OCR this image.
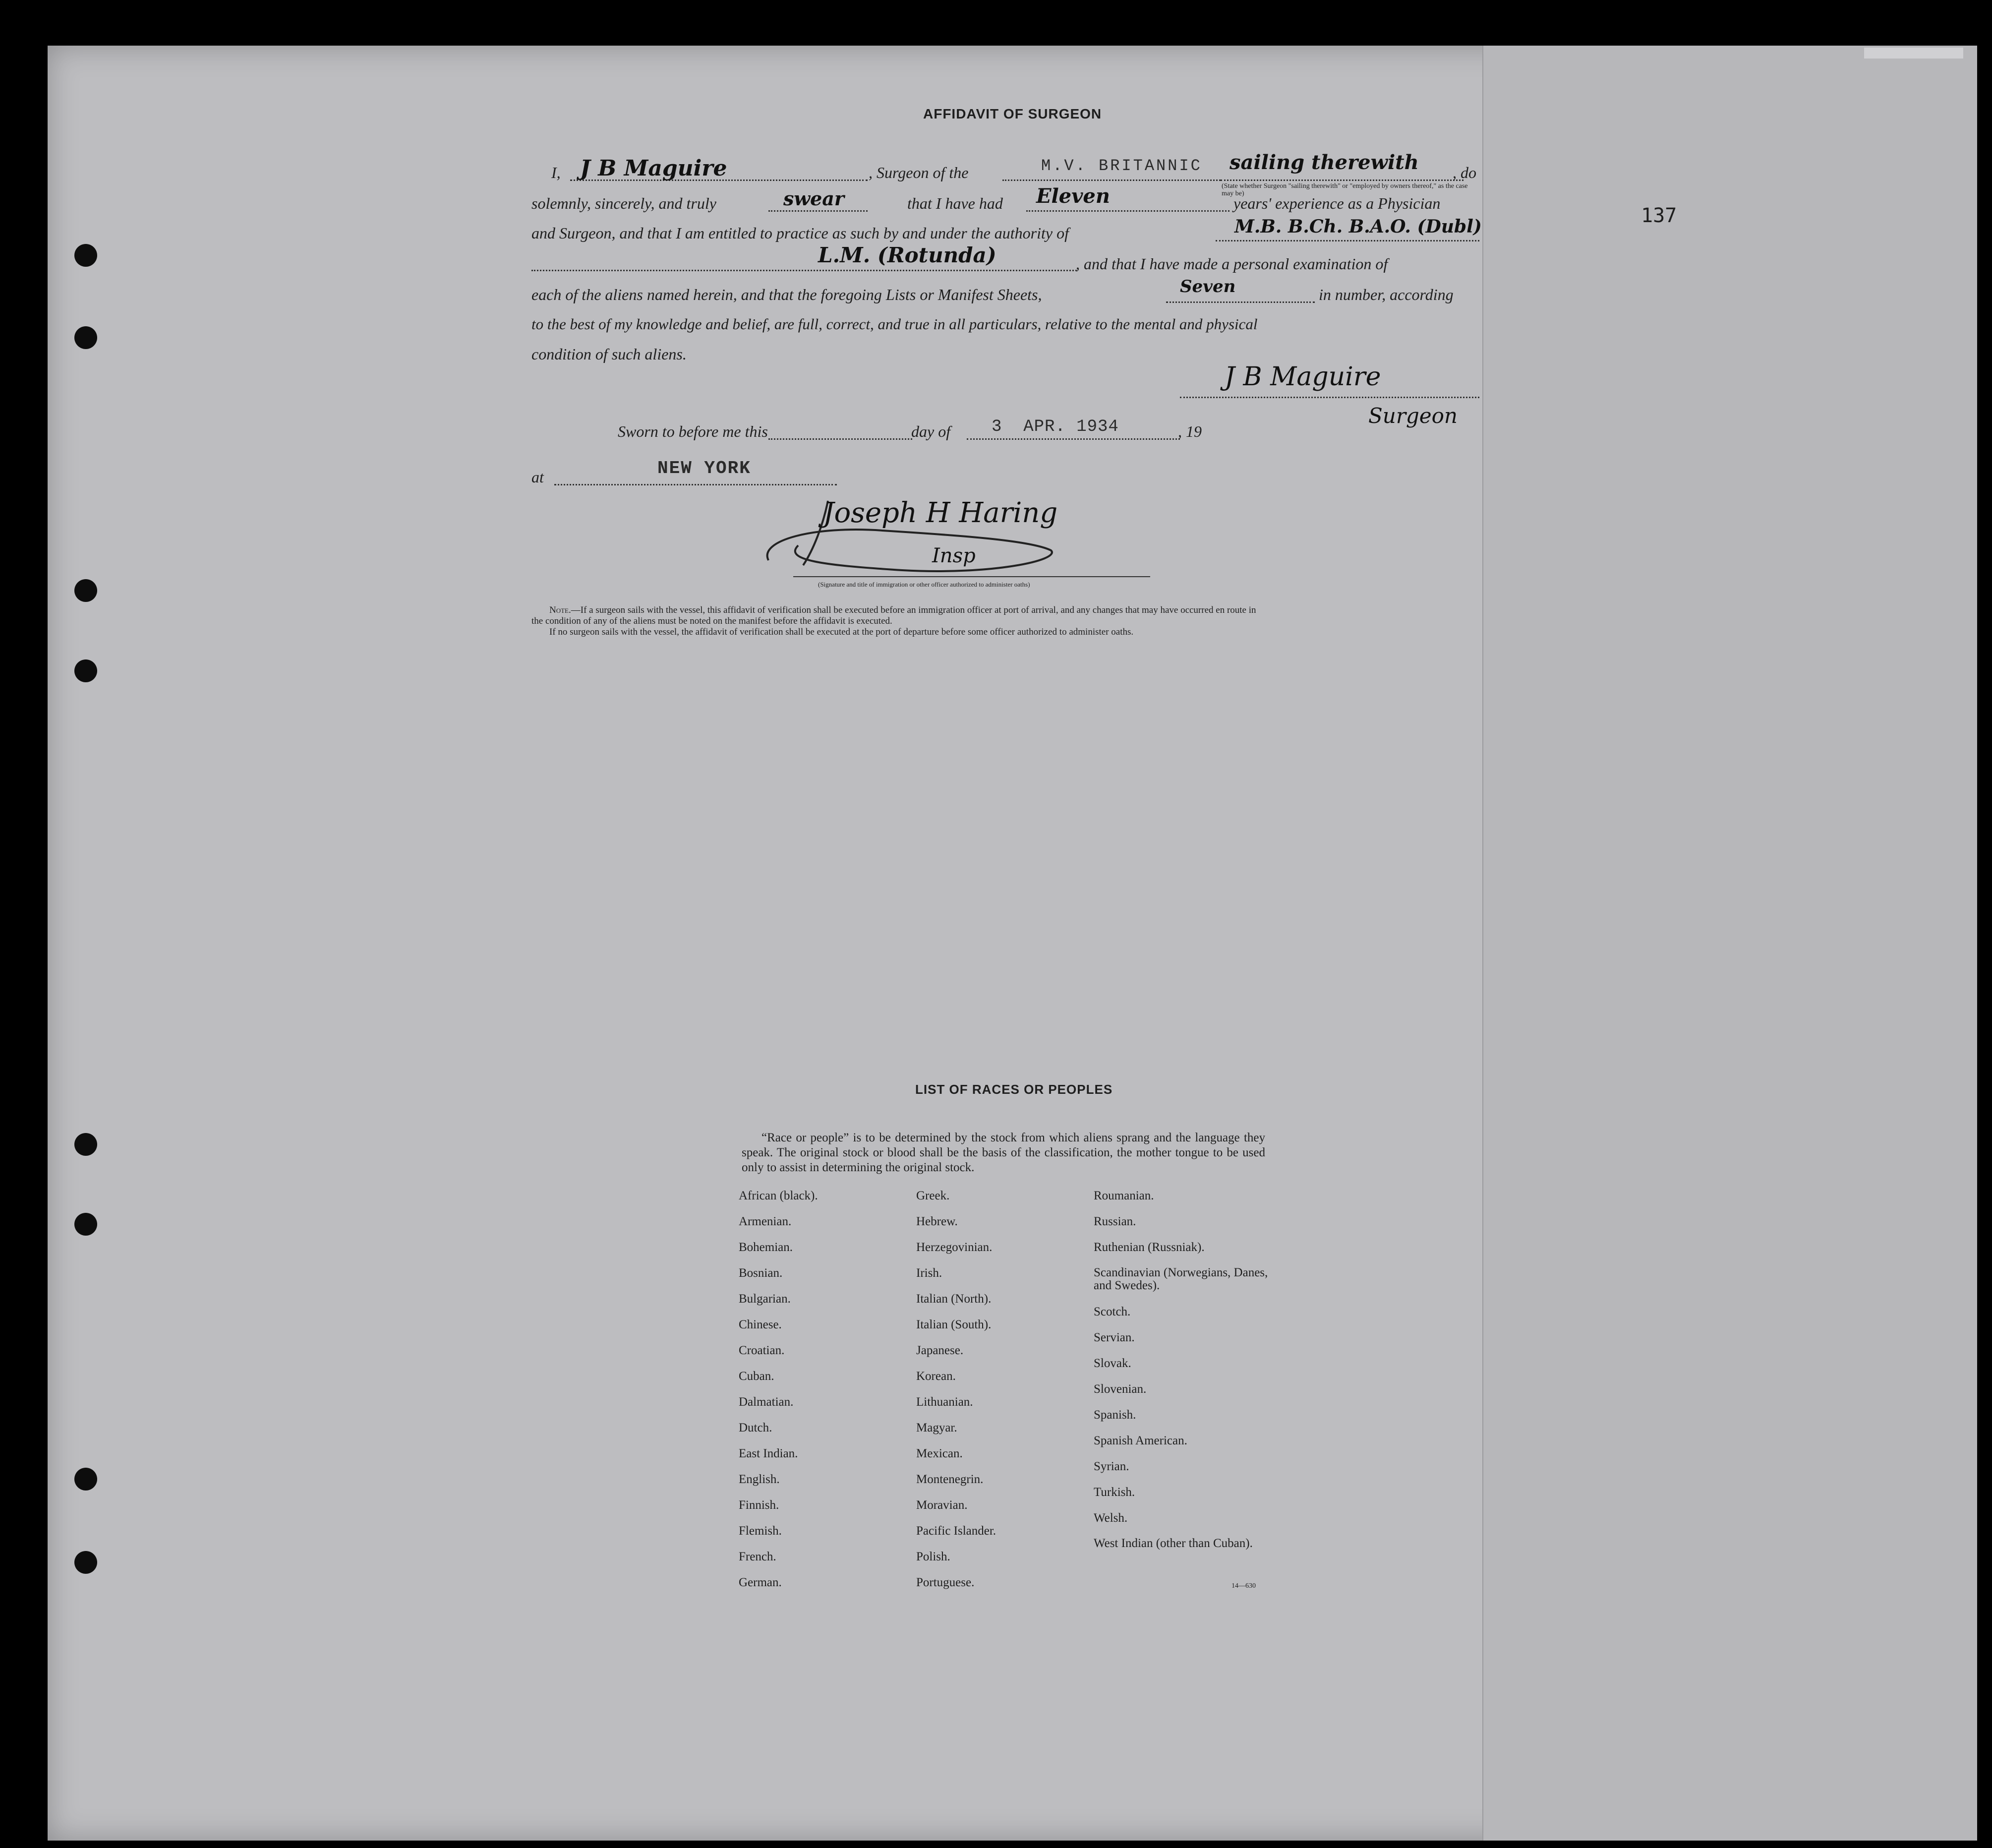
137
AFFIDAVIT OF SURGEON
I, J B Maguire	, Surgeon of the	M.V. BRITANNIC sailing therewith , do
(State whether Surgeon "sailing therewith" or "employed by owners thereof," as the case may be)
solemnly, sincerely, and truly	swear	that I have had Eleven	years' experience as a Physician
and Surgeon, and that I am entitled to practice as such by and under the authority of	M.B. B.Ch. B.A.O. (Dubl)
L.M. (Rotunda)	, and that I have made a personal examination of
each of the aliens named herein, and that the foregoing Lists or Manifest Sheets,	Seven	in number, according
to the best of my knowledge and belief, are full, correct, and true in all particulars, relative to the mental and physical
condition of such aliens.
J B Maguire
Surgeon
Sworn to before me this	day of 3  APR. 1934	, 19
at	NEW YORK
Joseph H Haring
Insp
(Signature and title of immigration or other officer authorized to administer oaths)
Note.—If a surgeon sails with the vessel, this affidavit of verification shall be executed before an immigration officer at port of arrival, and any changes that may have occurred en route in
the condition of any of the aliens must be noted on the manifest before the affidavit is executed.
If no surgeon sails with the vessel, the affidavit of verification shall be executed at the port of departure before some officer authorized to administer oaths.
LIST OF RACES OR PEOPLES
“Race or people” is to be determined by the stock from which aliens sprang and the language they speak. The original stock or blood shall be the basis of the classification, the mother tongue to be used only to assist in determining the original stock.
African (black).
Armenian.
Bohemian.
Bosnian.
Bulgarian.
Chinese.
Croatian.
Cuban.
Dalmatian.
Dutch.
East Indian.
English.
Finnish.
Flemish.
French.
German.
Greek.
Hebrew.
Herzegovinian.
Irish.
Italian (North).
Italian (South).
Japanese.
Korean.
Lithuanian.
Magyar.
Mexican.
Montenegrin.
Moravian.
Pacific Islander.
Polish.
Portuguese.
Roumanian.
Russian.
Ruthenian (Russniak).
Scandinavian (Norwegians, Danes, and Swedes).
Scotch.
Servian.
Slovak.
Slovenian.
Spanish.
Spanish American.
Syrian.
Turkish.
Welsh.
West Indian (other than Cuban).
14—630
